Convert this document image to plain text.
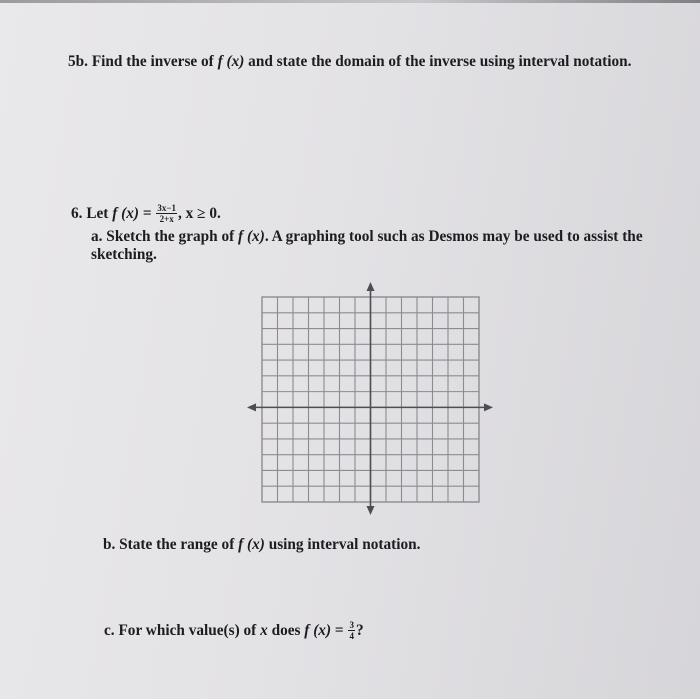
5b. Find the inverse of f (x) and state the domain of the inverse using interval notation.
6. Let f $(x) = \frac{3x-1}{2+x}$ , x ≥ 0.
a. Sketch the graph of f (x). A graphing tool such as Desmos may be used to assist the
sketching.
b. State the range of f (x) using interval notation.
c. For which value(s) of x does f $(x) = \frac{3}{4}$ ?
